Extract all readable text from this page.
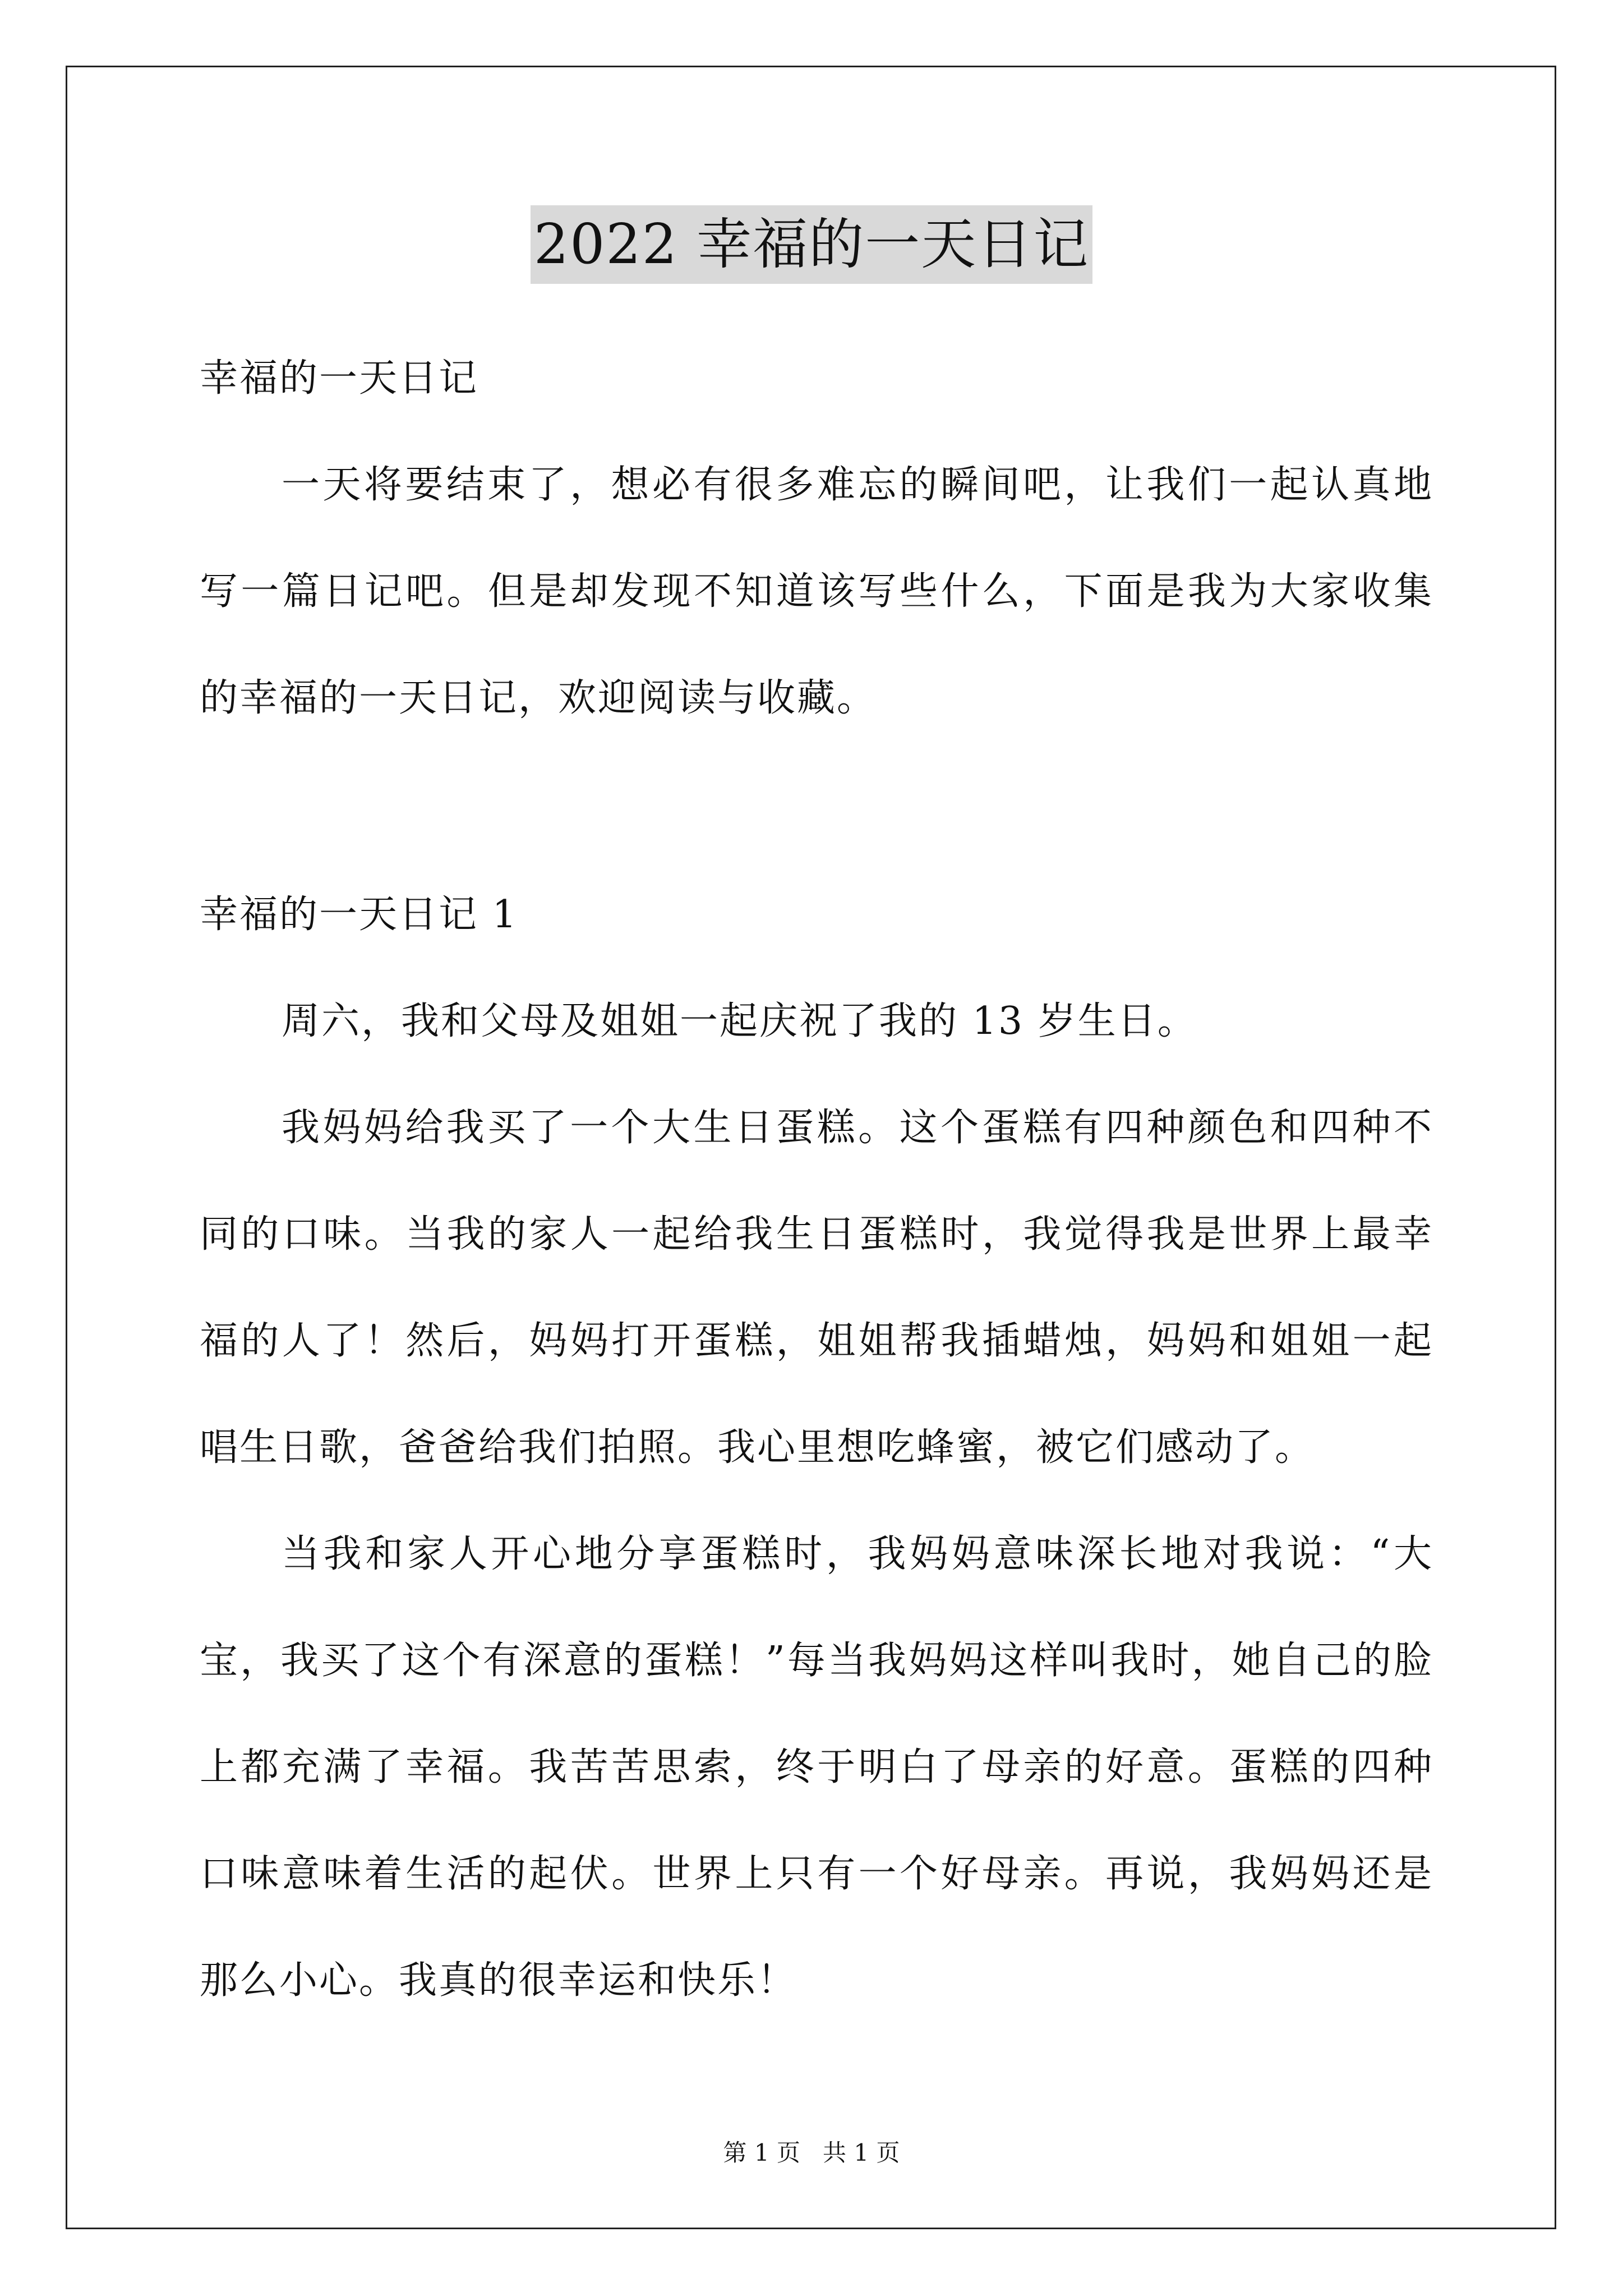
2022 幸福的一天日记
幸福的一天日记

一天将要结束了，想必有很多难忘的瞬间吧，让我们一起认真地写一篇日记吧。但是却发现不知道该写些什么，下面是我为大家收集的幸福的一天日记，欢迎阅读与收藏。

幸福的一天日记 1

周六，我和父母及姐姐一起庆祝了我的 13 岁生日。

我妈妈给我买了一个大生日蛋糕。这个蛋糕有四种颜色和四种不同的口味。当我的家人一起给我生日蛋糕时，我觉得我是世界上最幸福的人了！然后，妈妈打开蛋糕，姐姐帮我插蜡烛，妈妈和姐姐一起唱生日歌，爸爸给我们拍照。我心里想吃蜂蜜，被它们感动了。

当我和家人开心地分享蛋糕时，我妈妈意味深长地对我说：“大宝，我买了这个有深意的蛋糕！”每当我妈妈这样叫我时，她自己的脸上都充满了幸福。我苦苦思索，终于明白了母亲的好意。蛋糕的四种口味意味着生活的起伏。世界上只有一个好母亲。再说，我妈妈还是那么小心。我真的很幸运和快乐！

第 1 页   共 1 页
